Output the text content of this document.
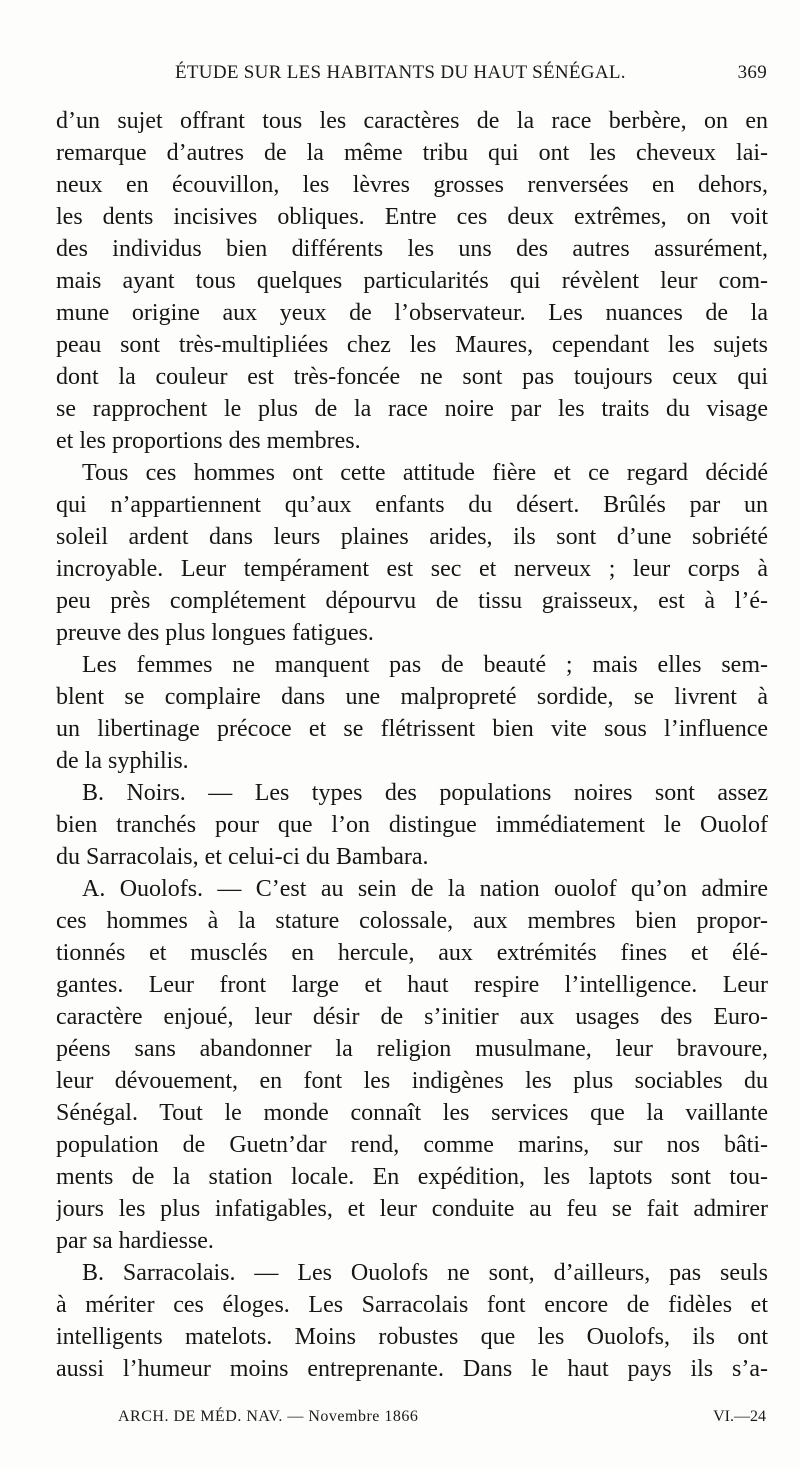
ÉTUDE SUR LES HABITANTS DU HAUT SÉNÉGAL.	369
d’un sujet offrant tous les caractères de la race berbère, on en
remarque d’autres de la même tribu qui ont les cheveux lai-
neux en écouvillon, les lèvres grosses renversées en dehors,
les dents incisives obliques. Entre ces deux extrêmes, on voit
des individus bien différents les uns des autres assurément,
mais ayant tous quelques particularités qui révèlent leur com-
mune origine aux yeux de l’observateur. Les nuances de la
peau sont très-multipliées chez les Maures, cependant les sujets
dont la couleur est très-foncée ne sont pas toujours ceux qui
se rapprochent le plus de la race noire par les traits du visage
et les proportions des membres.
Tous ces hommes ont cette attitude fière et ce regard décidé
qui n’appartiennent qu’aux enfants du désert. Brûlés par un
soleil ardent dans leurs plaines arides, ils sont d’une sobriété
incroyable. Leur tempérament est sec et nerveux ; leur corps à
peu près complétement dépourvu de tissu graisseux, est à l’é-
preuve des plus longues fatigues.
Les femmes ne manquent pas de beauté ; mais elles sem-
blent se complaire dans une malpropreté sordide, se livrent à
un libertinage précoce et se flétrissent bien vite sous l’influence
de la syphilis.
B. Noirs. — Les types des populations noires sont assez
bien tranchés pour que l’on distingue immédiatement le Ouolof
du Sarracolais, et celui-ci du Bambara.
A. Ouolofs. — C’est au sein de la nation ouolof qu’on admire
ces hommes à la stature colossale, aux membres bien propor-
tionnés et musclés en hercule, aux extrémités fines et élé-
gantes. Leur front large et haut respire l’intelligence. Leur
caractère enjoué, leur désir de s’initier aux usages des Euro-
péens sans abandonner la religion musulmane, leur bravoure,
leur dévouement, en font les indigènes les plus sociables du
Sénégal. Tout le monde connaît les services que la vaillante
population de Guetn’dar rend, comme marins, sur nos bâti-
ments de la station locale. En expédition, les laptots sont tou-
jours les plus infatigables, et leur conduite au feu se fait admirer
par sa hardiesse.
B. Sarracolais. — Les Ouolofs ne sont, d’ailleurs, pas seuls
à mériter ces éloges. Les Sarracolais font encore de fidèles et
intelligents matelots. Moins robustes que les Ouolofs, ils ont
aussi l’humeur moins entreprenante. Dans le haut pays ils s’a-
ARCH. DE MÉD. NAV. — Novembre 1866	VI.—24
